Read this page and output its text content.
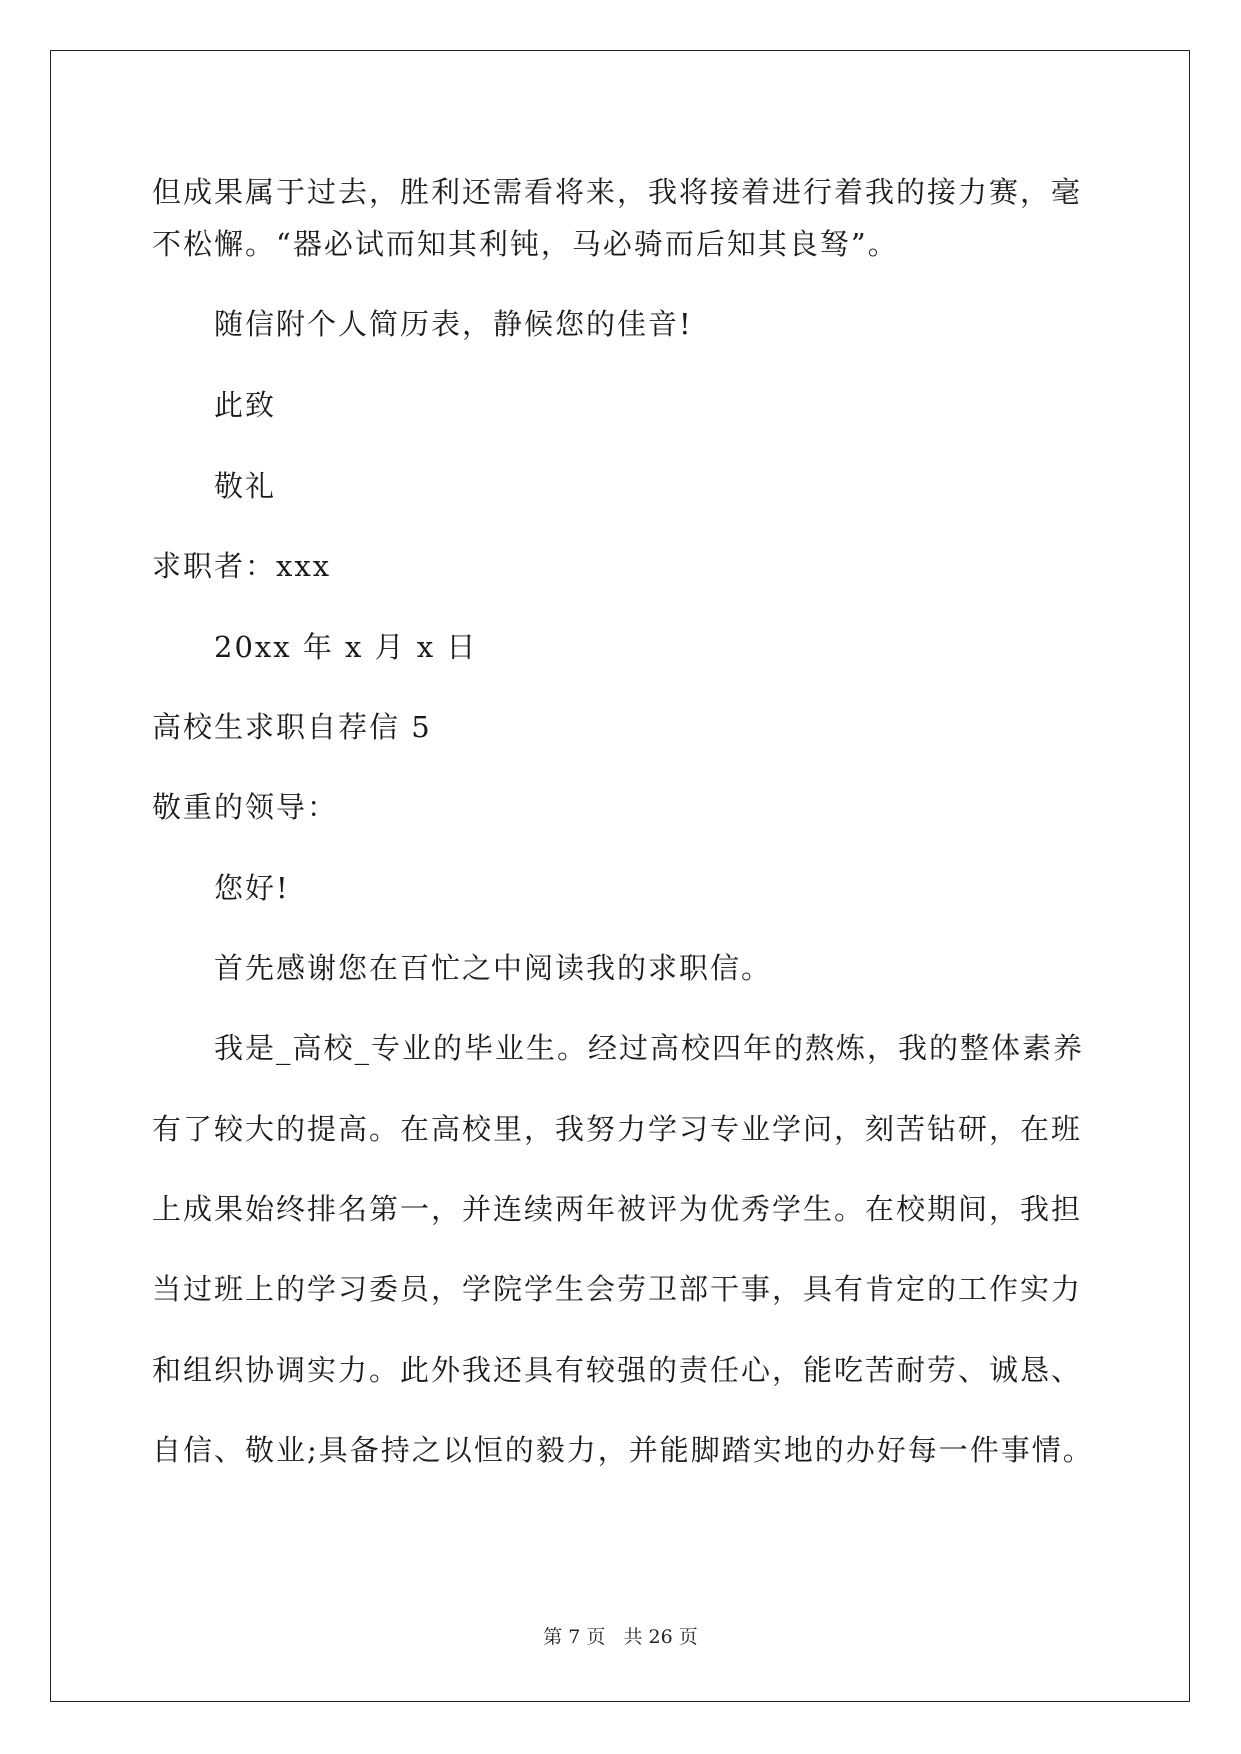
但成果属于过去，胜利还需看将来，我将接着进行着我的接力赛，毫
不松懈。“器必试而知其利钝，马必骑而后知其良驽”。
随信附个人简历表，静候您的佳音!
此致
敬礼
求职者：xxx
20xx 年 x 月 x 日
高校生求职自荐信 5
敬重的领导：
您好!
首先感谢您在百忙之中阅读我的求职信。
我是_高校_专业的毕业生。经过高校四年的熬炼，我的整体素养
有了较大的提高。在高校里，我努力学习专业学问，刻苦钻研，在班
上成果始终排名第一，并连续两年被评为优秀学生。在校期间，我担
当过班上的学习委员，学院学生会劳卫部干事，具有肯定的工作实力
和组织协调实力。此外我还具有较强的责任心，能吃苦耐劳、诚恳、
自信、敬业;具备持之以恒的毅力，并能脚踏实地的办好每一件事情。
第 7 页   共 26 页
